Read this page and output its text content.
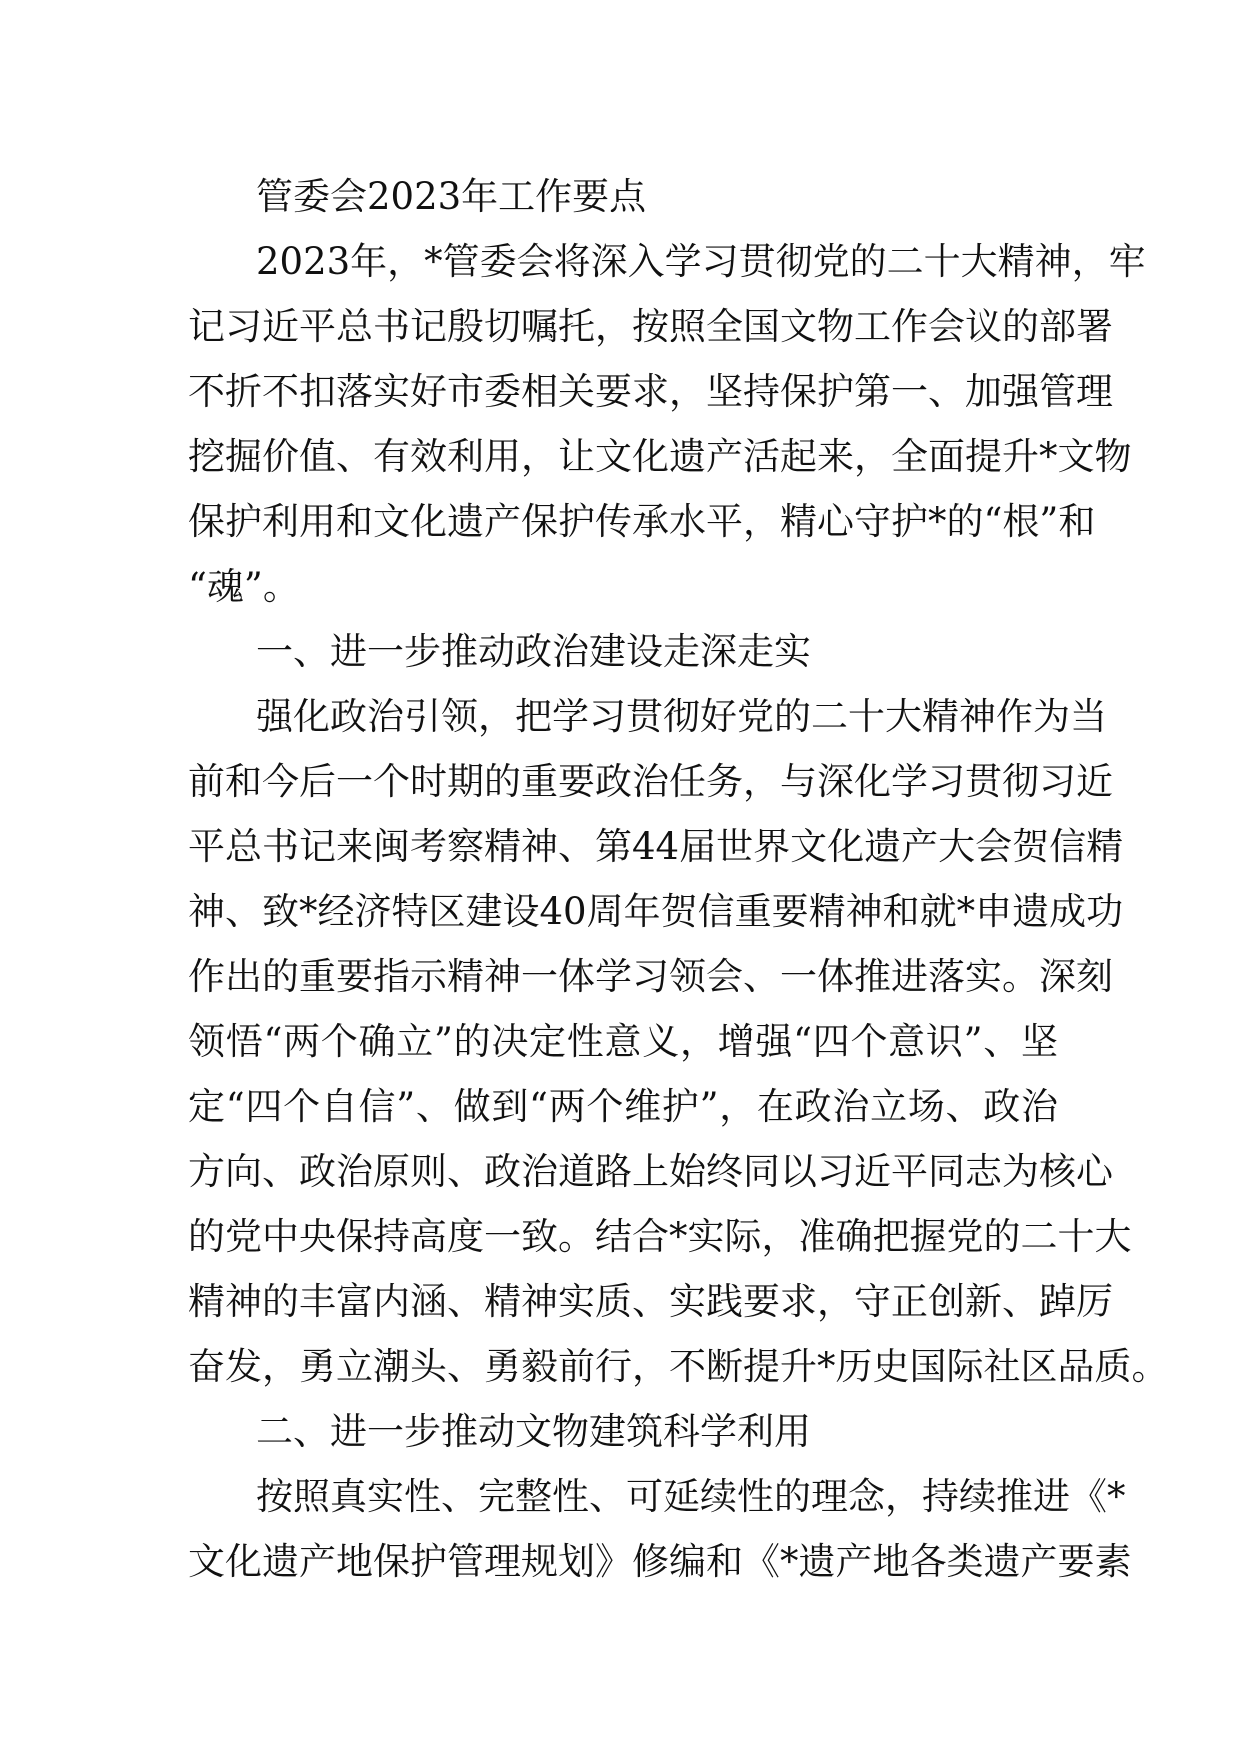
管委会2023年工作要点
2023年，*管委会将深入学习贯彻党的二十大精神，牢
记习近平总书记殷切嘱托，按照全国文物工作会议的部署
不折不扣落实好市委相关要求，坚持保护第一、加强管理
挖掘价值、有效利用，让文化遗产活起来，全面提升*文物
保护利用和文化遗产保护传承水平，精心守护*的“根”和
“魂”。
一、进一步推动政治建设走深走实
强化政治引领，把学习贯彻好党的二十大精神作为当
前和今后一个时期的重要政治任务，与深化学习贯彻习近
平总书记来闽考察精神、第44届世界文化遗产大会贺信精
神、致*经济特区建设40周年贺信重要精神和就*申遗成功
作出的重要指示精神一体学习领会、一体推进落实。深刻
领悟“两个确立”的决定性意义，增强“四个意识”、坚
定“四个自信”、做到“两个维护”，在政治立场、政治
方向、政治原则、政治道路上始终同以习近平同志为核心
的党中央保持高度一致。结合*实际，准确把握党的二十大
精神的丰富内涵、精神实质、实践要求，守正创新、踔厉
奋发，勇立潮头、勇毅前行，不断提升*历史国际社区品质。
二、进一步推动文物建筑科学利用
按照真实性、完整性、可延续性的理念，持续推进《*
文化遗产地保护管理规划》修编和《*遗产地各类遗产要素
